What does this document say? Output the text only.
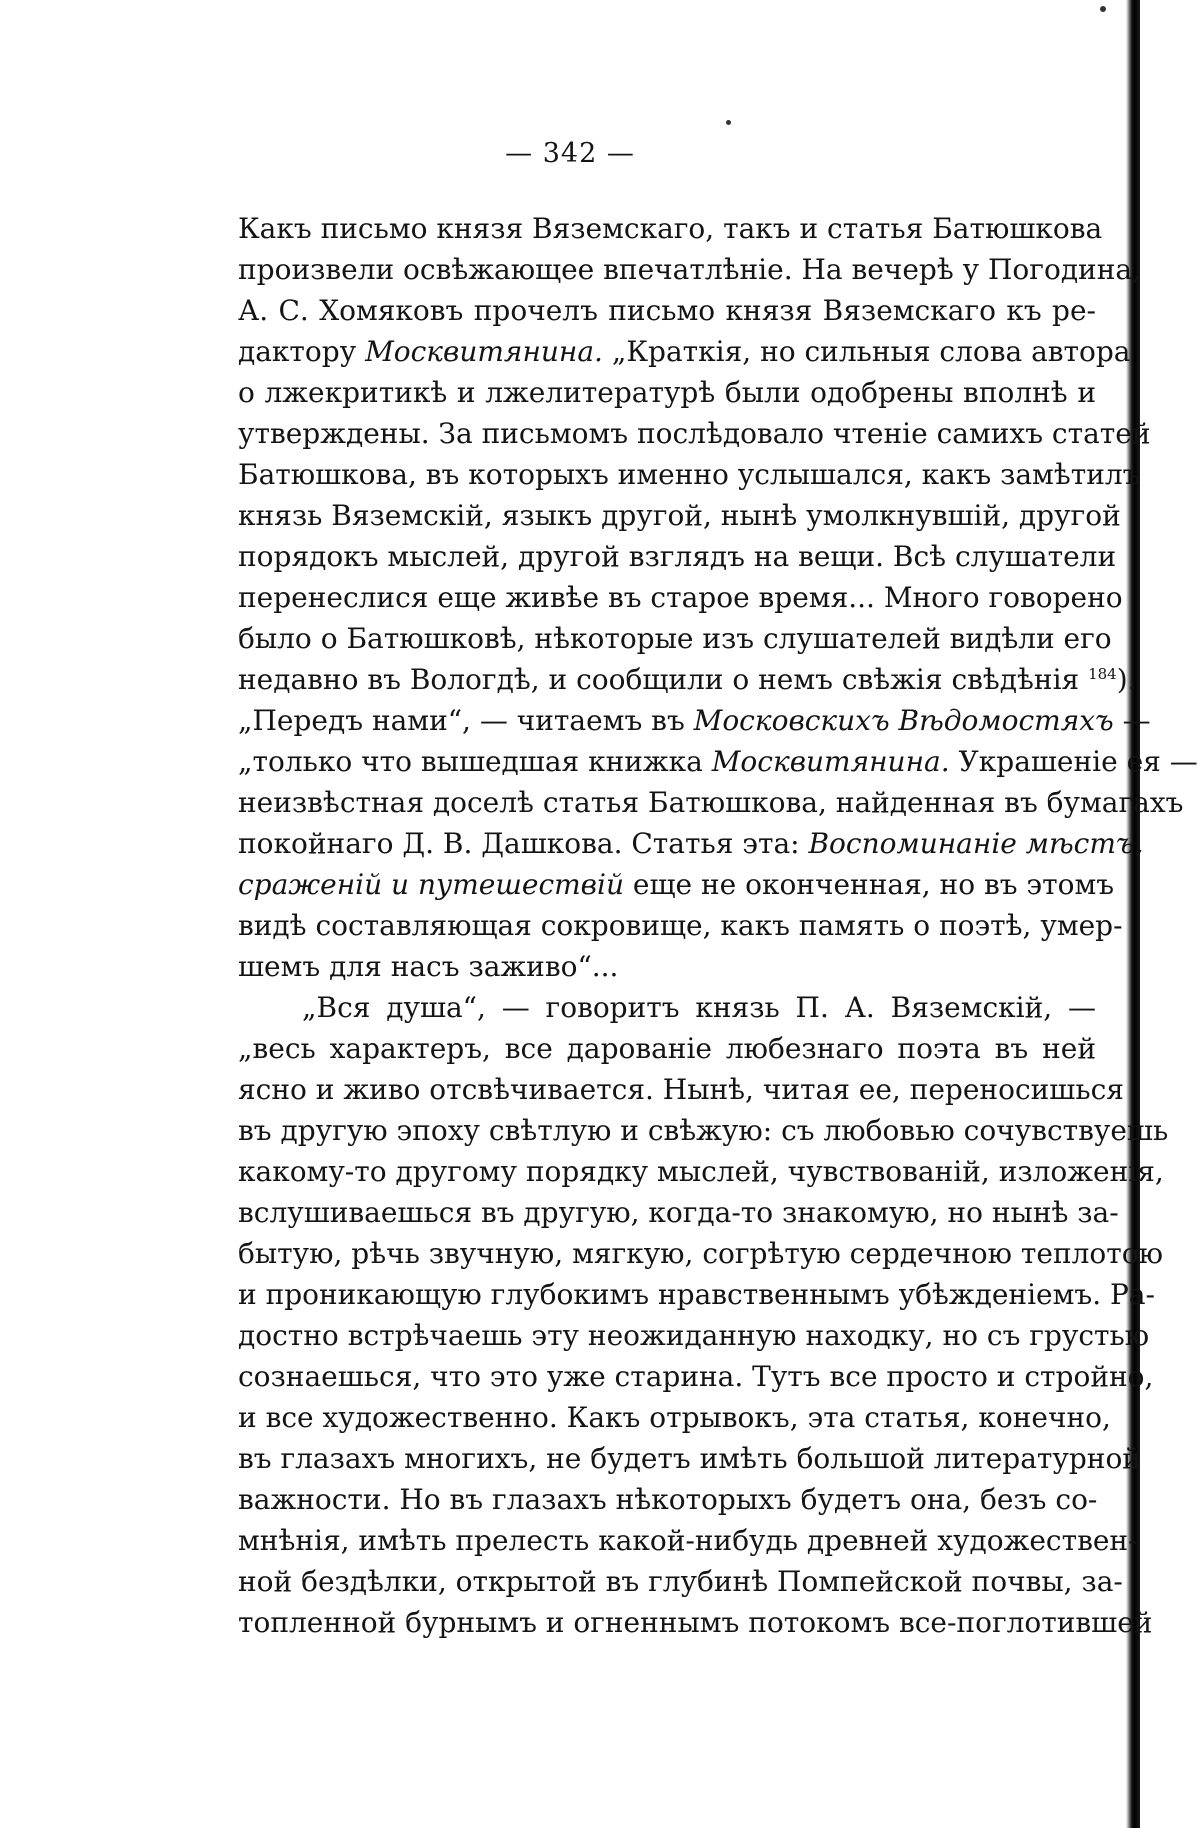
— 342 —
Какъ письмо князя Вяземскаго, такъ и статья Батюшкова
произвели освѣжающее впечатлѣніе. На вечерѣ у Погодина,
А. С. Хомяковъ прочелъ письмо князя Вяземскаго къ ре-
дактору Москвитянина. „Краткія, но сильныя слова автора
о лжекритикѣ и лжелитературѣ были одобрены вполнѣ и
утверждены. За письмомъ послѣдовало чтеніе самихъ статей
Батюшкова, въ которыхъ именно услышался, какъ замѣтилъ
князь Вяземскій, языкъ другой, нынѣ умолкнувшій, другой
порядокъ мыслей, другой взглядъ на вещи. Всѣ слушатели
перенеслися еще живѣе въ старое время... Много говорено
было о Батюшковѣ, нѣкоторые изъ слушателей видѣли его
недавно въ Вологдѣ, и сообщили о немъ свѣжія свѣдѣнія $^{184}$).
„Передъ нами“, — читаемъ въ Московскихъ Вѣдомостяхъ —
„только что вышедшая книжка Москвитянина. Украшеніе ея —
неизвѣстная доселѣ статья Батюшкова, найденная въ бумагахъ
покойнаго Д. В. Дашкова. Статья эта: Воспоминаніе мѣстъ,
сраженій и путешествій еще не оконченная, но въ этомъ
видѣ составляющая сокровище, какъ память о поэтѣ, умер-
шемъ для насъ заживо“...
„Вся душа“, — говоритъ князь П. А. Вяземскій, —
„весь характеръ, все дарованіе любезнаго поэта въ ней
ясно и живо отсвѣчивается. Нынѣ, читая ее, переносишься
въ другую эпоху свѣтлую и свѣжую: съ любовью сочувствуешь
какому-то другому порядку мыслей, чувствованій, изложенія,
вслушиваешься въ другую, когда-то знакомую, но нынѣ за-
бытую, рѣчь звучную, мягкую, согрѣтую сердечною теплотою
и проникающую глубокимъ нравственнымъ убѣжденіемъ. Ра-
достно встрѣчаешь эту неожиданную находку, но съ грустью
сознаешься, что это уже старина. Тутъ все просто и стройно,
и все художественно. Какъ отрывокъ, эта статья, конечно,
въ глазахъ многихъ, не будетъ имѣть большой литературной
важности. Но въ глазахъ нѣкоторыхъ будетъ она, безъ со-
мнѣнія, имѣть прелесть какой-нибудь древней художествен-
ной бездѣлки, открытой въ глубинѣ Помпейской почвы, за-
топленной бурнымъ и огненнымъ потокомъ все-поглотившей
